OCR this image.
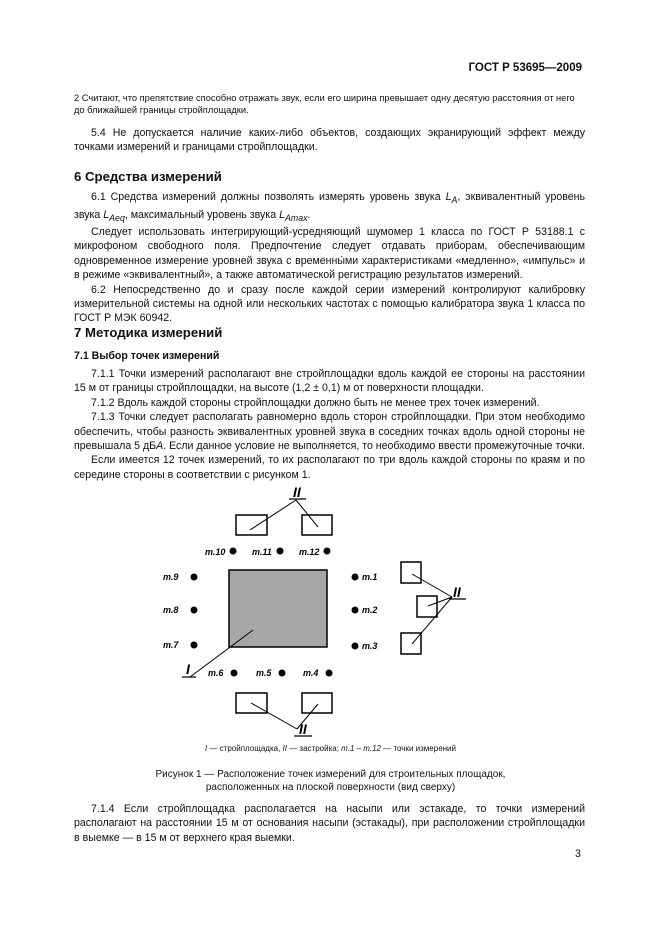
ГОСТ Р 53695—2009
2 Считают, что препятствие способно отражать звук, если его ширина превышает одну десятую расстояния от него до ближайшей границы стройплощадки.

5.4 Не допускается наличие каких-либо объектов, создающих экранирующий эффект между точками измерений и границами стройплощадки.

6 Средства измерений

6.1 Средства измерений должны позволять измерять уровень звука $L_A$, эквивалентный уровень звука $L_{Aeq}$, максимальный уровень звука $L_{Amax}$.

Следует использовать интегрирующий-усредняющий шумомер 1 класса по ГОСТ Р 53188.1 с микрофоном свободного поля. Предпочтение следует отдавать приборам, обеспечивающим одновременное измерение уровней звука с временны́ми характеристиками «медленно», «импульс» и в режиме «эквивалентный», а также автоматической регистрацию результатов измерений.

6.2 Непосредственно до и сразу после каждой серии измерений контролируют калибровку измерительной системы на одной или нескольких частотах с помощью калибратора звука 1 класса по ГОСТ Р МЭК 60942.

7 Методика измерений
7.1 Выбор точек измерений

7.1.1 Точки измерений располагают вне стройплощадки вдоль каждой ее стороны на расстоянии 15 м от границы стройплощадки, на высоте (1,2 ± 0,1) м от поверхности площадки.

7.1.2 Вдоль каждой стороны стройплощадки должно быть не менее трех точек измерений.

7.1.3 Точки следует располагать равномерно вдоль сторон стройплощадки. При этом необходимо обеспечить, чтобы разность эквивалентных уровней звука в соседних точках вдоль одной стороны не превышала 5 дБA. Если данное условие не выполняется, то необходимо ввести промежуточные точки.

Если имеется 12 точек измерений, то их располагают по три вдоль каждой стороны по краям и по середине стороны в соответствии с рисунком 1.

II
т.10	т.11	т.12
I
т.9
т.8
т.7
т.1
т.2
т.3
т.6	т.5	т.4
II
II
I — стройплощадка, II — застройка; т.1 – т.12 — точки измерений
Рисунок 1 — Расположение точек измерений для строительных площадок,
расположенных на плоской поверхности (вид сверху)

7.1.4 Если стройплощадка располагается на насыпи или эстакаде, то точки измерений располагают на расстоянии 15 м от основания насыпи (эстакады), при расположении стройплощадки в выемке — в 15 м от верхнего края выемки.

3
